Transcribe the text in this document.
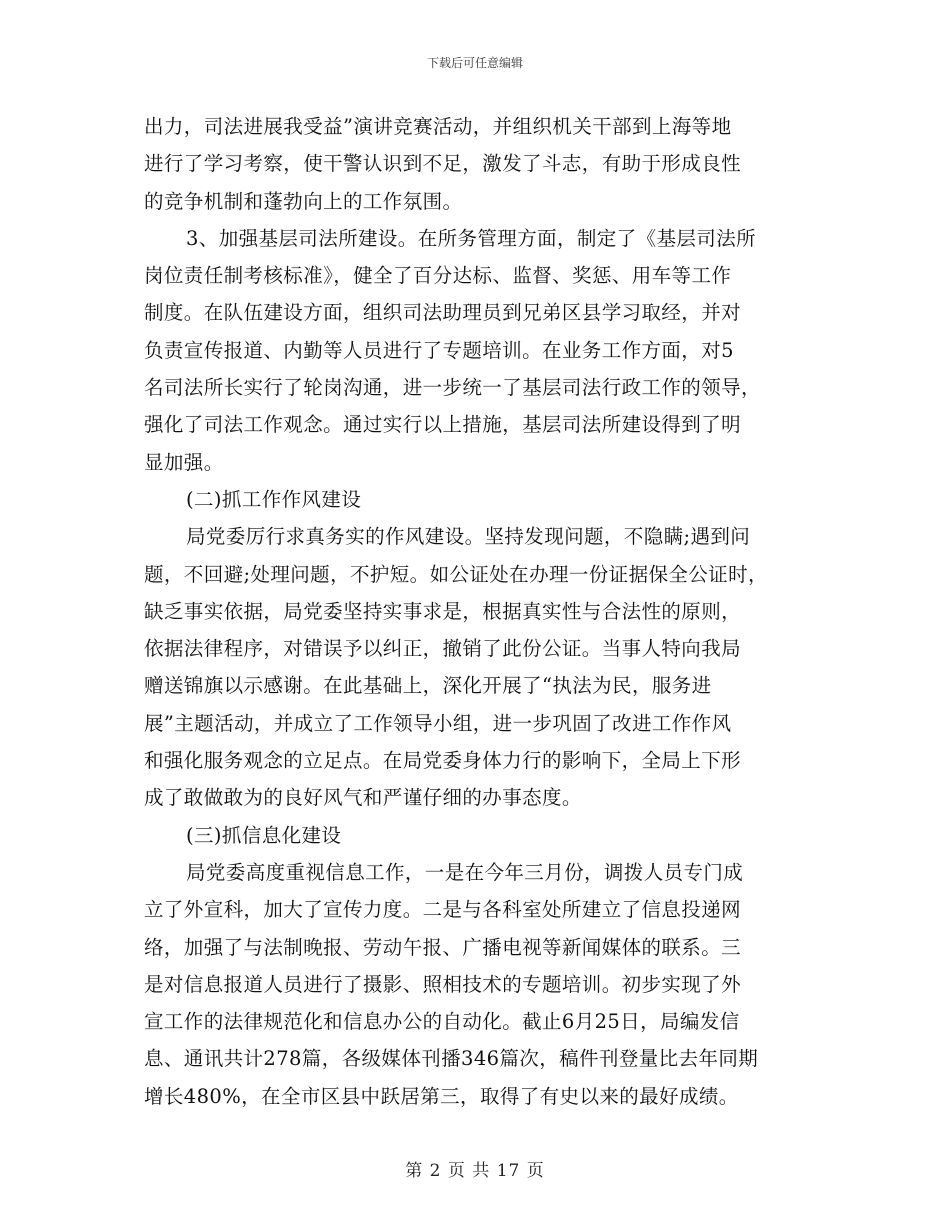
下载后可任意编辑
出力，司法进展我受益”演讲竞赛活动，并组织机关干部到上海等地
进行了学习考察，使干警认识到不足，激发了斗志，有助于形成良性
的竞争机制和蓬勃向上的工作氛围。
3、加强基层司法所建设。在所务管理方面，制定了《基层司法所
岗位责任制考核标准》，健全了百分达标、监督、奖惩、用车等工作
制度。在队伍建设方面，组织司法助理员到兄弟区县学习取经，并对
负责宣传报道、内勤等人员进行了专题培训。在业务工作方面，对5
名司法所长实行了轮岗沟通，进一步统一了基层司法行政工作的领导，
强化了司法工作观念。通过实行以上措施，基层司法所建设得到了明
显加强。
(二)抓工作作风建设
局党委厉行求真务实的作风建设。坚持发现问题，不隐瞒;遇到问
题，不回避;处理问题，不护短。如公证处在办理一份证据保全公证时，
缺乏事实依据，局党委坚持实事求是，根据真实性与合法性的原则，
依据法律程序，对错误予以纠正，撤销了此份公证。当事人特向我局
赠送锦旗以示感谢。在此基础上，深化开展了“执法为民，服务进
展”主题活动，并成立了工作领导小组，进一步巩固了改进工作作风
和强化服务观念的立足点。在局党委身体力行的影响下，全局上下形
成了敢做敢为的良好风气和严谨仔细的办事态度。
(三)抓信息化建设
局党委高度重视信息工作，一是在今年三月份，调拨人员专门成
立了外宣科，加大了宣传力度。二是与各科室处所建立了信息投递网
络，加强了与法制晚报、劳动午报、广播电视等新闻媒体的联系。三
是对信息报道人员进行了摄影、照相技术的专题培训。初步实现了外
宣工作的法律规范化和信息办公的自动化。截止6月25日，局编发信
息、通讯共计278篇，各级媒体刊播346篇次，稿件刊登量比去年同期
增长480%，在全市区县中跃居第三，取得了有史以来的最好成绩。
第 2 页 共 17 页
